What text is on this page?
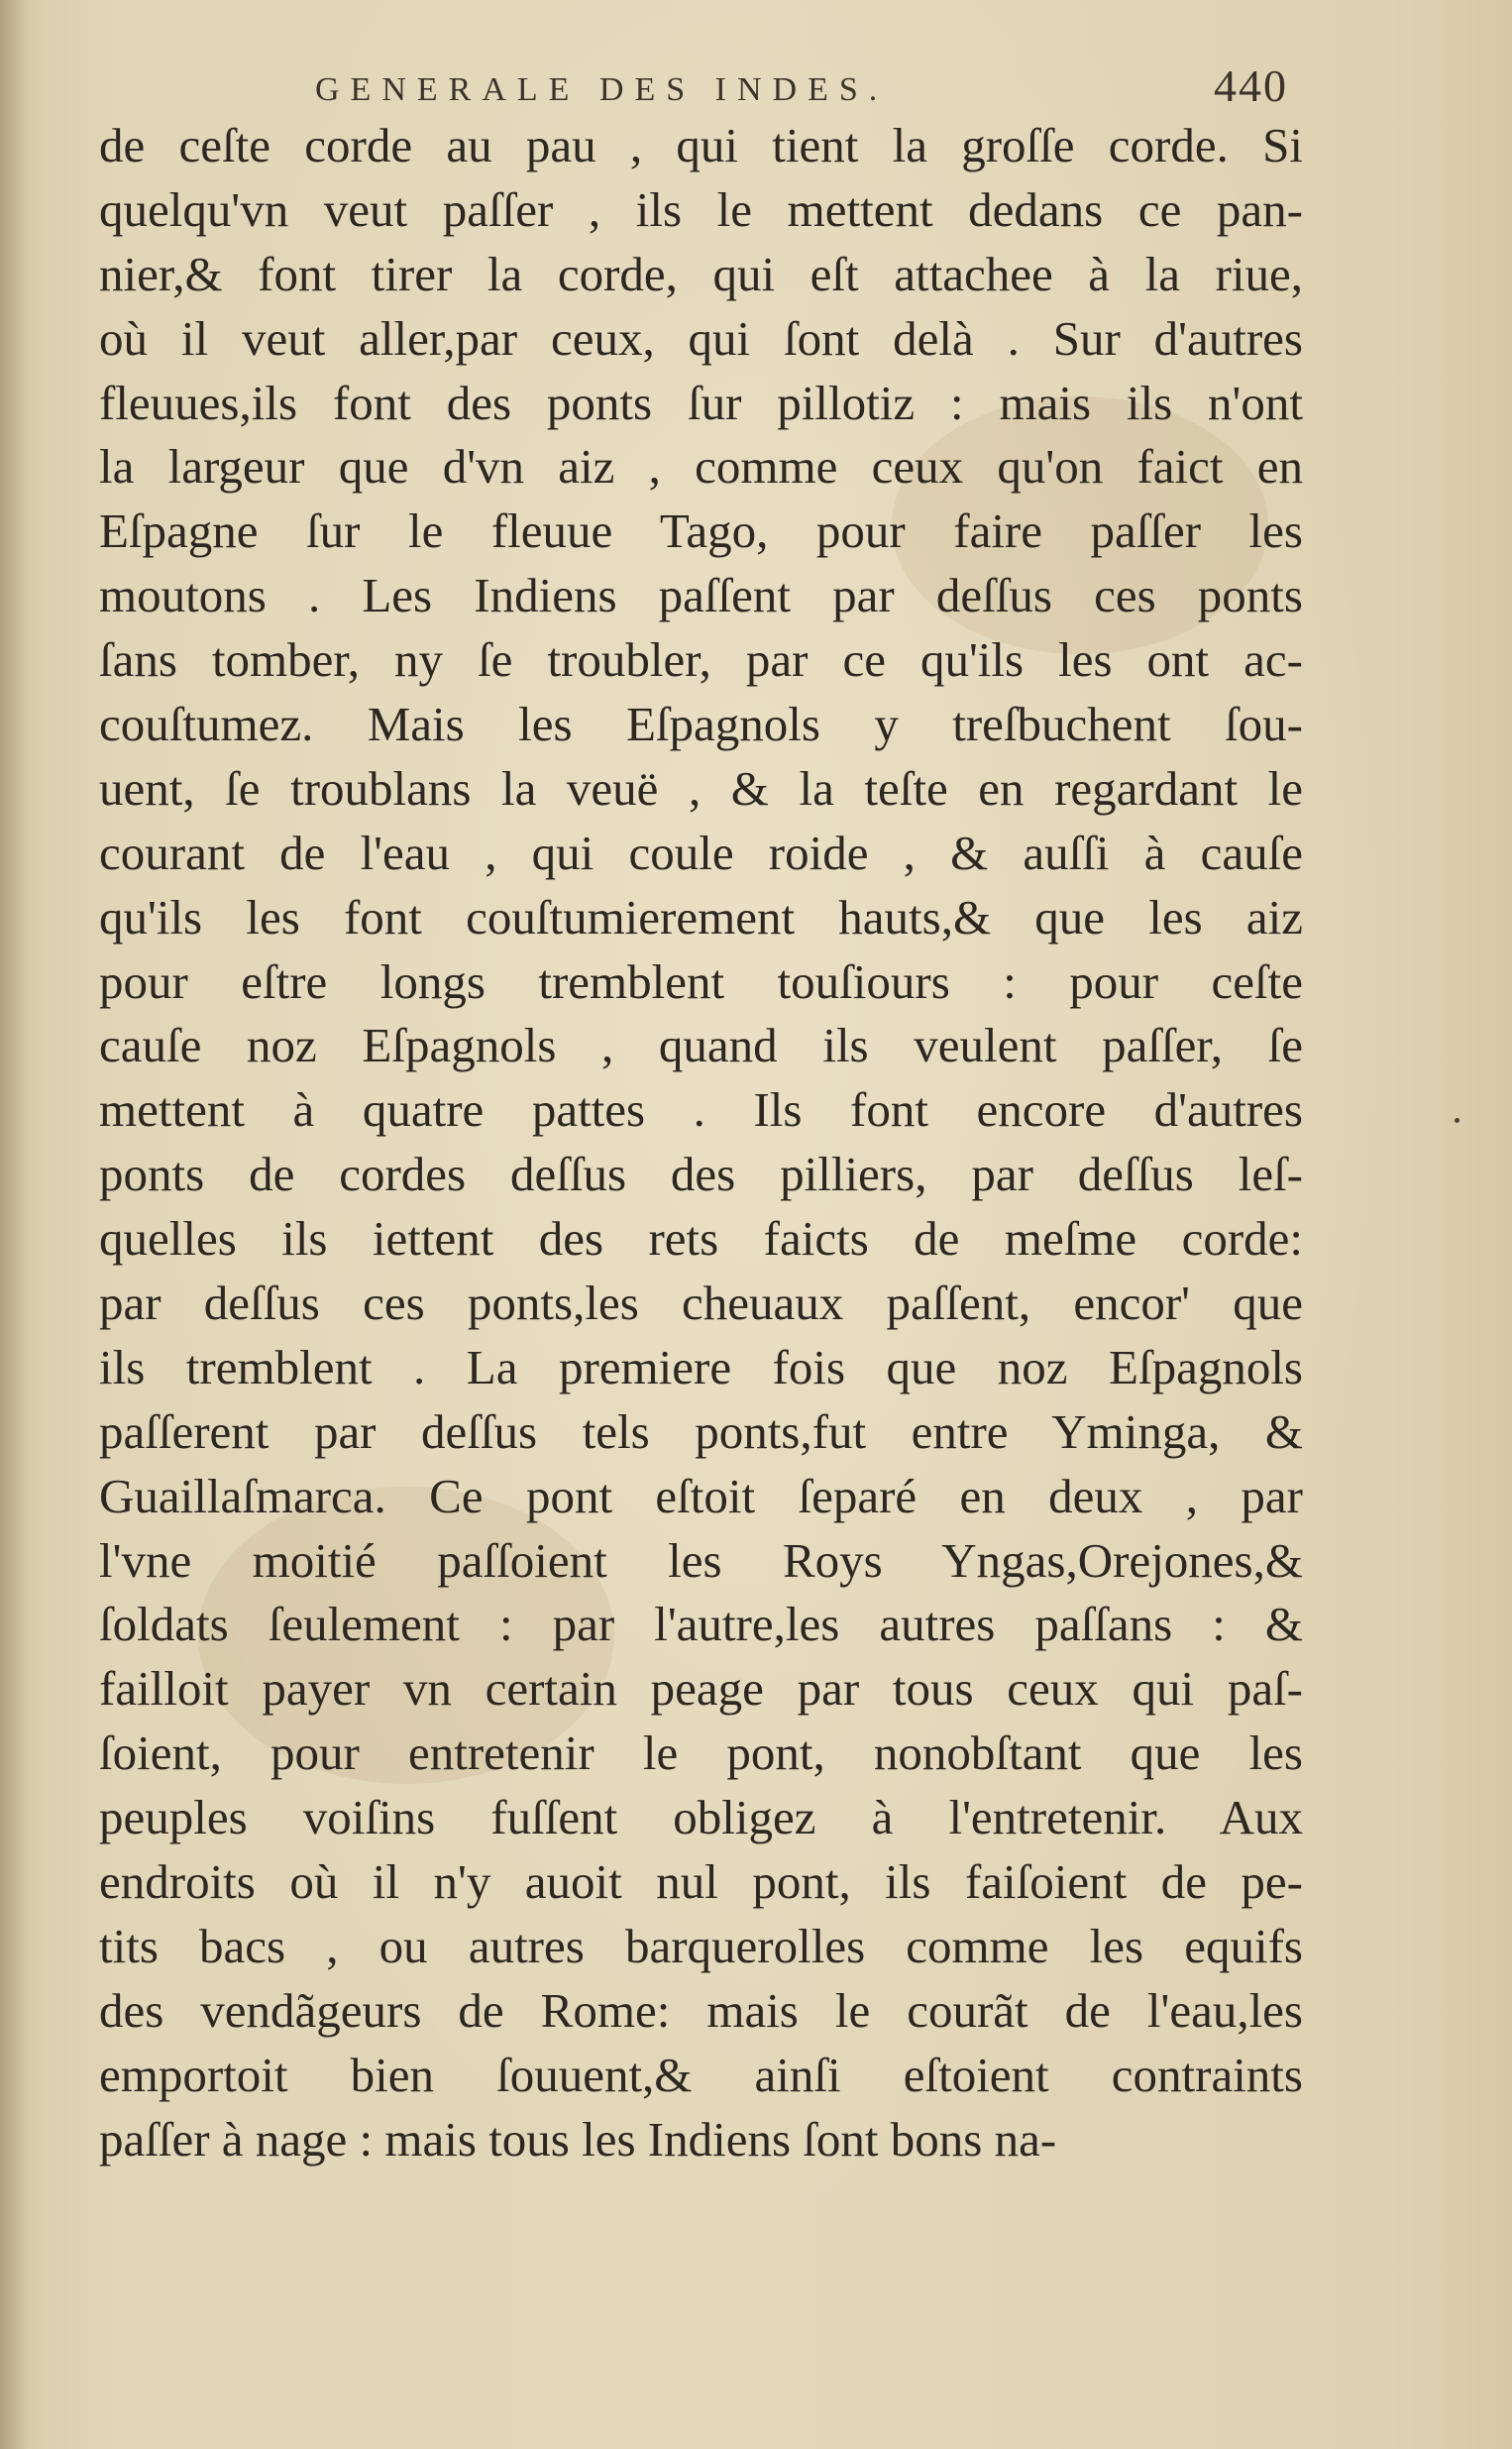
GENERALE DES INDES.	440
de ceſte corde au pau , qui tient la groſſe corde. Si
quelqu'vn veut paſſer , ils le mettent dedans ce pan-
nier,& font tirer la corde, qui eſt attachee à la riue,
où il veut aller,par ceux, qui ſont delà . Sur d'autres
fleuues,ils font des ponts ſur pillotiz : mais ils n'ont
la largeur que d'vn aiz , comme ceux qu'on faict en
Eſpagne ſur le fleuue Tago, pour faire paſſer les
moutons . Les Indiens paſſent par deſſus ces ponts
ſans tomber, ny ſe troubler, par ce qu'ils les ont ac-
couſtumez. Mais les Eſpagnols y treſbuchent ſou-
uent, ſe troublans la veuë , & la teſte en regardant le
courant de l'eau , qui coule roide , & auſſi à cauſe
qu'ils les font couſtumierement hauts,& que les aiz
pour eſtre longs tremblent touſiours : pour ceſte
cauſe noz Eſpagnols , quand ils veulent paſſer, ſe
mettent à quatre pattes . Ils font encore d'autres
ponts de cordes deſſus des pilliers, par deſſus leſ-
quelles ils iettent des rets faicts de meſme corde:
par deſſus ces ponts,les cheuaux paſſent, encor' que
ils tremblent . La premiere fois que noz Eſpagnols
paſſerent par deſſus tels ponts,fut entre Yminga, &
Guaillaſmarca. Ce pont eſtoit ſeparé en deux , par
l'vne moitié paſſoient les Roys Yngas,Orejones,&
ſoldats ſeulement : par l'autre,les autres paſſans : &
failloit payer vn certain peage par tous ceux qui paſ-
ſoient, pour entretenir le pont, nonobſtant que les
peuples voiſins fuſſent obligez à l'entretenir. Aux
endroits où il n'y auoit nul pont, ils faiſoient de pe-
tits bacs , ou autres barquerolles comme les equifs
des vendãgeurs de Rome: mais le courãt de l'eau,les
emportoit bien ſouuent,& ainſi eſtoient contraints
paſſer à nage : mais tous les Indiens ſont bons na-
